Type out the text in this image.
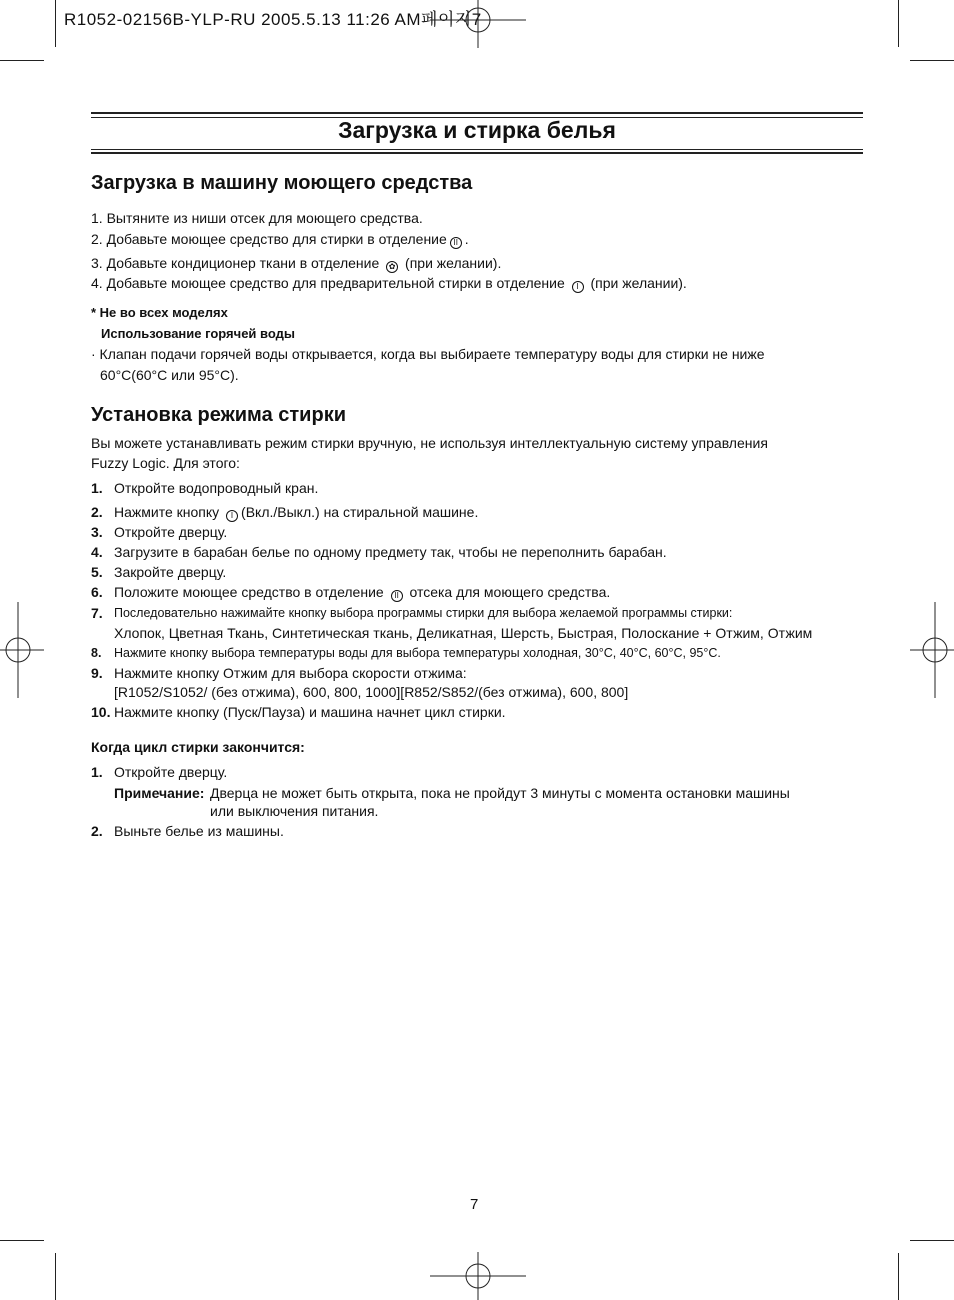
R1052-02156B-YLP-RU 2005.5.13 11:26 AM페이지7
Загрузка и стирка белья
Загрузка в машину моющего средства
1. Вытяните из ниши отсек для моющего средства.
2. Добавьте моющее средство для стирки в отделение II .
3. Добавьте кондиционер ткани в отделение ✿ (при желании).
4. Добавьте моющее средство для предварительной стирки в отделение I (при желании).
* Не во всех моделях
Использование горячей воды
· Клапан подачи горячей воды открывается, когда вы выбираете температуру воды для стирки не ниже
60°C(60°C или 95°C).
Установка режима стирки
Вы можете устанавливать режим стирки вручную, не используя интеллектуальную систему управления
Fuzzy Logic. Для этого:
1. Откройте водопроводный кран.
2. Нажмите кнопку I (Вкл./Выкл.) на стиральной машине.
3. Откройте дверцу.
4. Загрузите в барабан белье по одному предмету так, чтобы не переполнить барабан.
5. Закройте дверцу.
6. Положите моющее средство в отделение II отсека для моющего средства.
7. Последовательно нажимайте кнопку выбора программы стирки для выбора желаемой программы стирки:
Хлопок, Цветная Ткань, Синтетическая ткань, Деликатная, Шерсть, Быстрая, Полоскание + Отжим, Отжим
8. Нажмите кнопку выбора температуры воды для выбора температуры холодная, 30°C, 40°C, 60°C, 95°C.
9. Нажмите кнопку Отжим для выбора скорости отжима:
[R1052/S1052/ (без отжима), 600, 800, 1000][R852/S852/(без отжима), 600, 800]
10. Нажмите кнопку (Пуск/Пауза) и машина начнет цикл стирки.
Когда цикл стирки закончится:
1. Откройте дверцу.
Примечание: Дверца не может быть открыта, пока не пройдут 3 минуты с момента остановки машины
или выключения питания.
2. Выньте белье из машины.
7
